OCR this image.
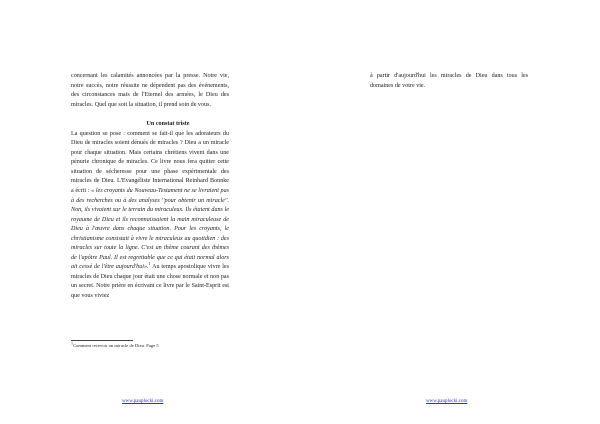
concernant les calamités annoncées par la presse. Notre vie, notre succès, notre réussite ne dépendent pas des événements, des circonstances mais de l'Eternel des armées, le Dieu des miracles. Quel que soit la situation, il prend soin de vous.

Un constat triste

La question se pose : comment se fait-il que les adorateurs du Dieu de miracles soient dénués de miracles ? Dieu a un miracle pour chaque situation. Mais certains chrétiens vivent dans une pénurie chronique de miracles. Ce livre nous fera quitter cette situation de sécheresse pour une phase expérimentale des miracles de Dieu. L'Evangéliste International Reinhard Bonnke a écrit : « les croyants du Nouveau-Testament ne se livraient pas à des recherches ou à des analyses ''pour obtenir un miracle''. Non, ils vivaient sur le terrain du miraculeux. Ils étaient dans le royaume de Dieu et ils reconnaissaient la main miraculeuse de Dieu à l'œuvre dans chaque situation. Pour les croyants, le christianisme consistait à vivre le miraculeux au quotidien : des miracles sur toute la ligne. C'est un thème courant des thèmes de l'apôtre Paul. Il est regrettable que ce qui était normal alors ait cessé de l'être aujourd'hui».$^1$ Au temps apostolique vivre les miracles de Dieu chaque jour était une chose normale et non pas un secret. Notre prière en écrivant ce livre par le Saint-Esprit est que vous viviez

$^1$Comment recevoir un miracle de Dieu. Page 5
www.pauplocki.com

à partir d'aujourd'hui les miracles de Dieu dans tous les domaines de votre vie.

www.pauplocki.com
